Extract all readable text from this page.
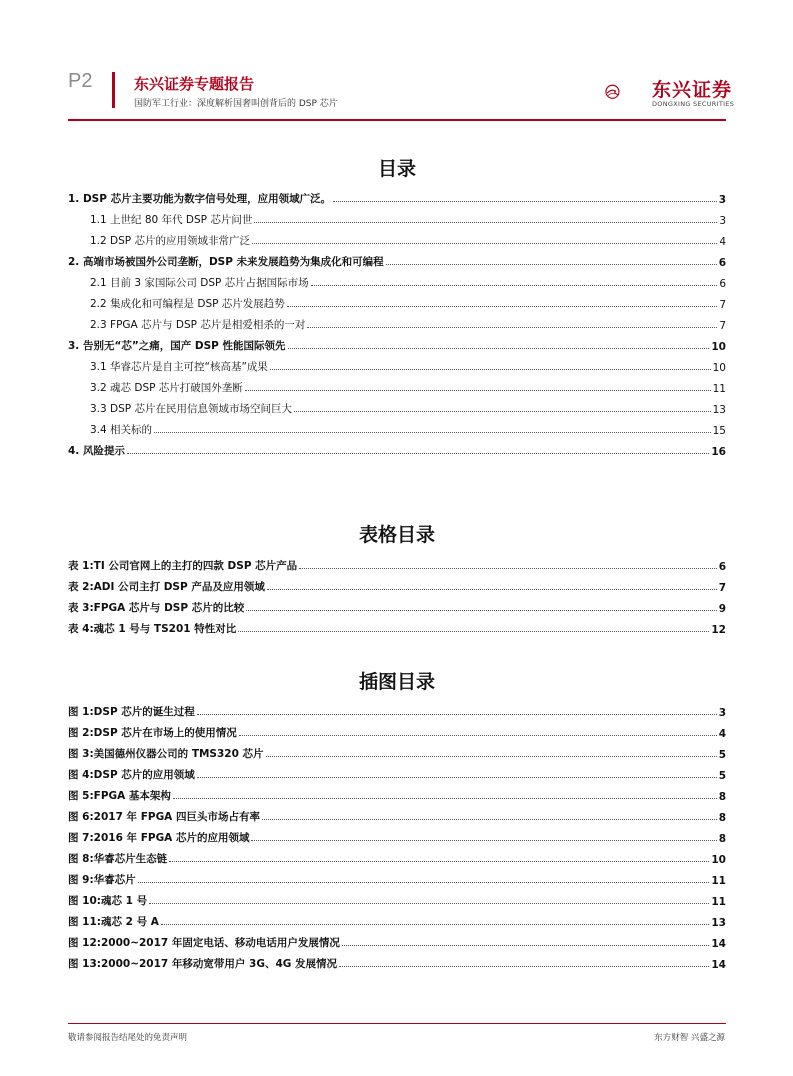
P2	东兴证券专题报告
国防军工行业：深度解析国奢叫创背后的 DSP 芯片
东兴证券
DONGXING SECURITIES
目录
1. DSP 芯片主要功能为数字信号处理，应用领域广泛。	3
1.1 上世纪 80 年代 DSP 芯片问世	3
1.2 DSP 芯片的应用领域非常广泛	4
2. 高端市场被国外公司垄断，DSP 未来发展趋势为集成化和可编程	6
2.1 目前 3 家国际公司 DSP 芯片占据国际市场	6
2.2 集成化和可编程是 DSP 芯片发展趋势	7
2.3 FPGA 芯片与 DSP 芯片是相爱相杀的一对	7
3. 告别无“芯”之痛，国产 DSP 性能国际领先	10
3.1 华睿芯片是自主可控“核高基”成果	10
3.2 魂芯 DSP 芯片打破国外垄断	11
3.3 DSP 芯片在民用信息领域市场空间巨大	13
3.4 相关标的	15
4. 风险提示	16
表格目录
表 1:TI 公司官网上的主打的四款 DSP 芯片产品	6
表 2:ADI 公司主打 DSP 产品及应用领域	7
表 3:FPGA 芯片与 DSP 芯片的比较	9
表 4:魂芯 1 号与 TS201 特性对比	12
插图目录
图 1:DSP 芯片的诞生过程	3
图 2:DSP 芯片在市场上的使用情况	4
图 3:美国德州仪器公司的 TMS320 芯片	5
图 4:DSP 芯片的应用领域	5
图 5:FPGA 基本架构	8
图 6:2017 年 FPGA 四巨头市场占有率	8
图 7:2016 年 FPGA 芯片的应用领域	8
图 8:华睿芯片生态链	10
图 9:华睿芯片	11
图 10:魂芯 1 号	11
图 11:魂芯 2 号 A	13
图 12:2000~2017 年固定电话、移动电话用户发展情况	14
图 13:2000~2017 年移动宽带用户 3G、4G 发展情况	14
敬请参阅报告结尾处的免责声明	东方财智 兴盛之源
